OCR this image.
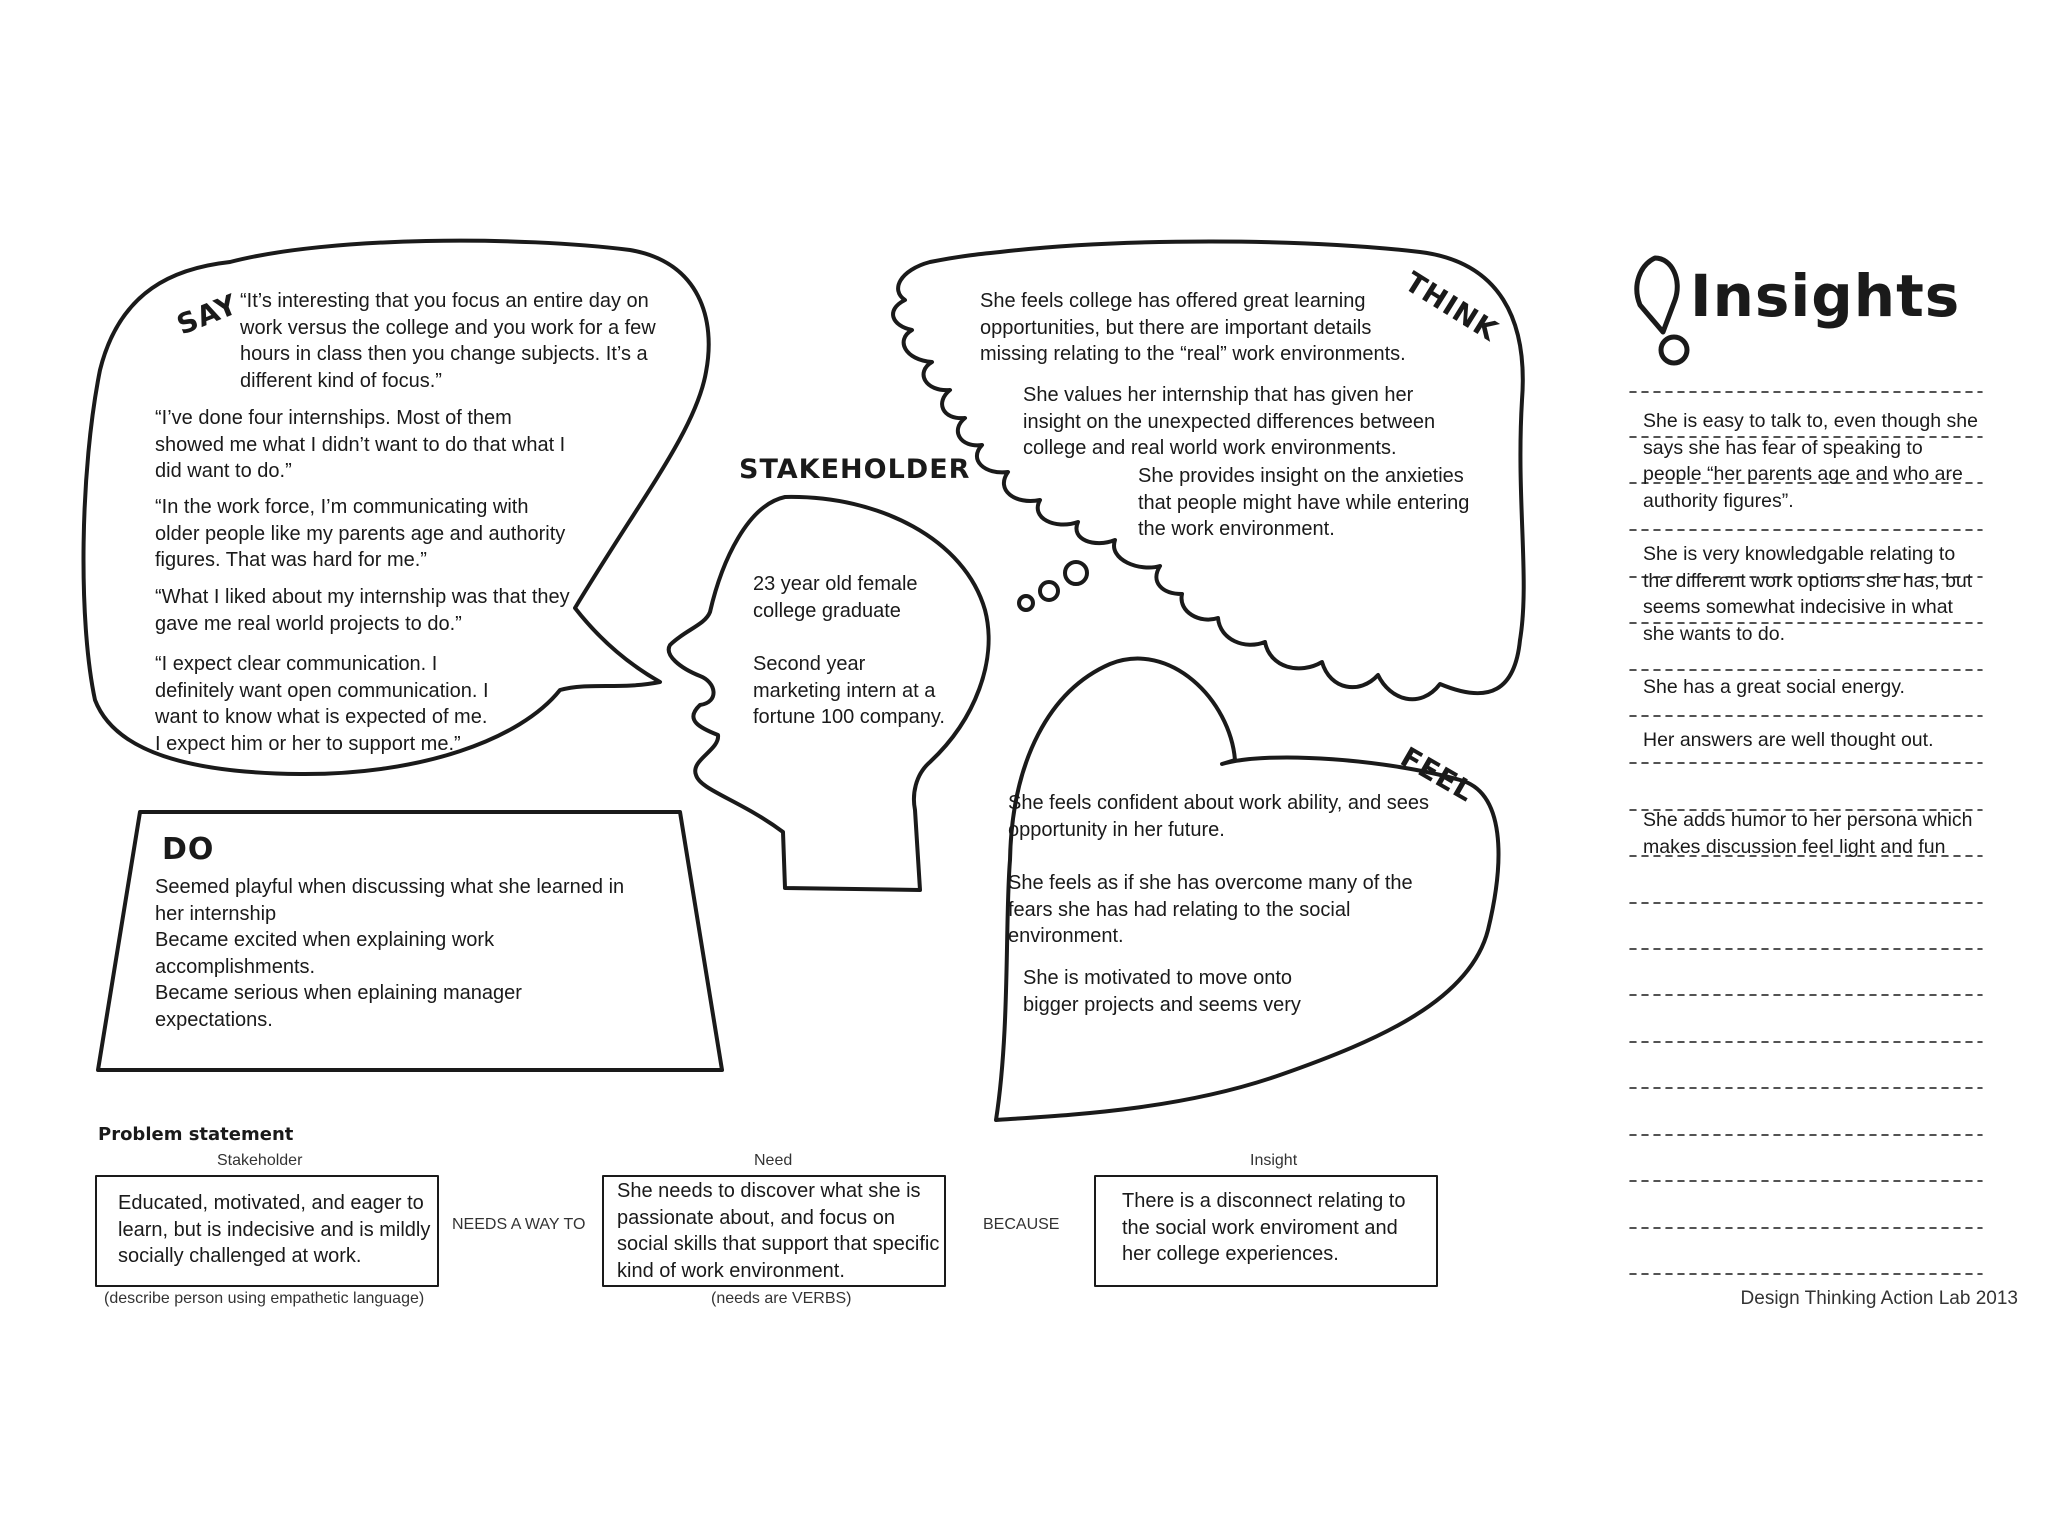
SAY
“It’s interesting that you focus an entire day on
work versus the college and you work for a few
hours in class then you change subjects. It’s a
different kind of focus.”
“I’ve done four internships. Most of them
showed me what I didn’t want to do that what I
did want to do.”
“In the work force, I’m communicating with
older people like my parents age and authority
figures. That was hard for me.”
“What I liked about my internship was that they
gave me real world projects to do.”
“I expect clear communication. I
definitely want open communication. I
want to know what is expected of me.
I expect him or her to support me.”
THINK
She feels college has offered great learning
opportunities, but there are important details
missing relating to the “real” work environments.
She values her internship that has given her
insight on the unexpected differences between
college and real world work environments.
She provides insight on the anxieties
that people might have while entering
the work environment.
STAKEHOLDER
23 year old female
college graduate
Second year
marketing intern at a
fortune 100 company.
FEEL
She feels confident about work ability, and sees
opportunity in her future.
She feels as if she has overcome many of the
fears she has had relating to the social
environment.
She is motivated to move onto
bigger projects and seems very
DO
Seemed playful when discussing what she learned in
her internship
Became excited when explaining work
accomplishments.
Became serious when eplaining manager
expectations.
Insights
She is easy to talk to, even though she says she has fear of speaking to people “her parents age and who are authority figures”.
She is very knowledgable relating to the different work options she has, but seems somewhat indecisive in what she wants to do.
She has a great social energy.
Her answers are well thought out.
She adds humor to her persona which makes discussion feel light and fun
Problem statement
Stakeholder
Educated, motivated, and eager to learn, but is indecisive and is mildly socially challenged at work.
(describe person using empathetic language)
NEEDS A WAY TO
Need
She needs to discover what she is passionate about, and focus on social skills that support that specific kind of work environment.
(needs are VERBS)
BECAUSE
Insight
There is a disconnect relating to the social work enviroment and her college experiences.
Design Thinking Action Lab 2013
